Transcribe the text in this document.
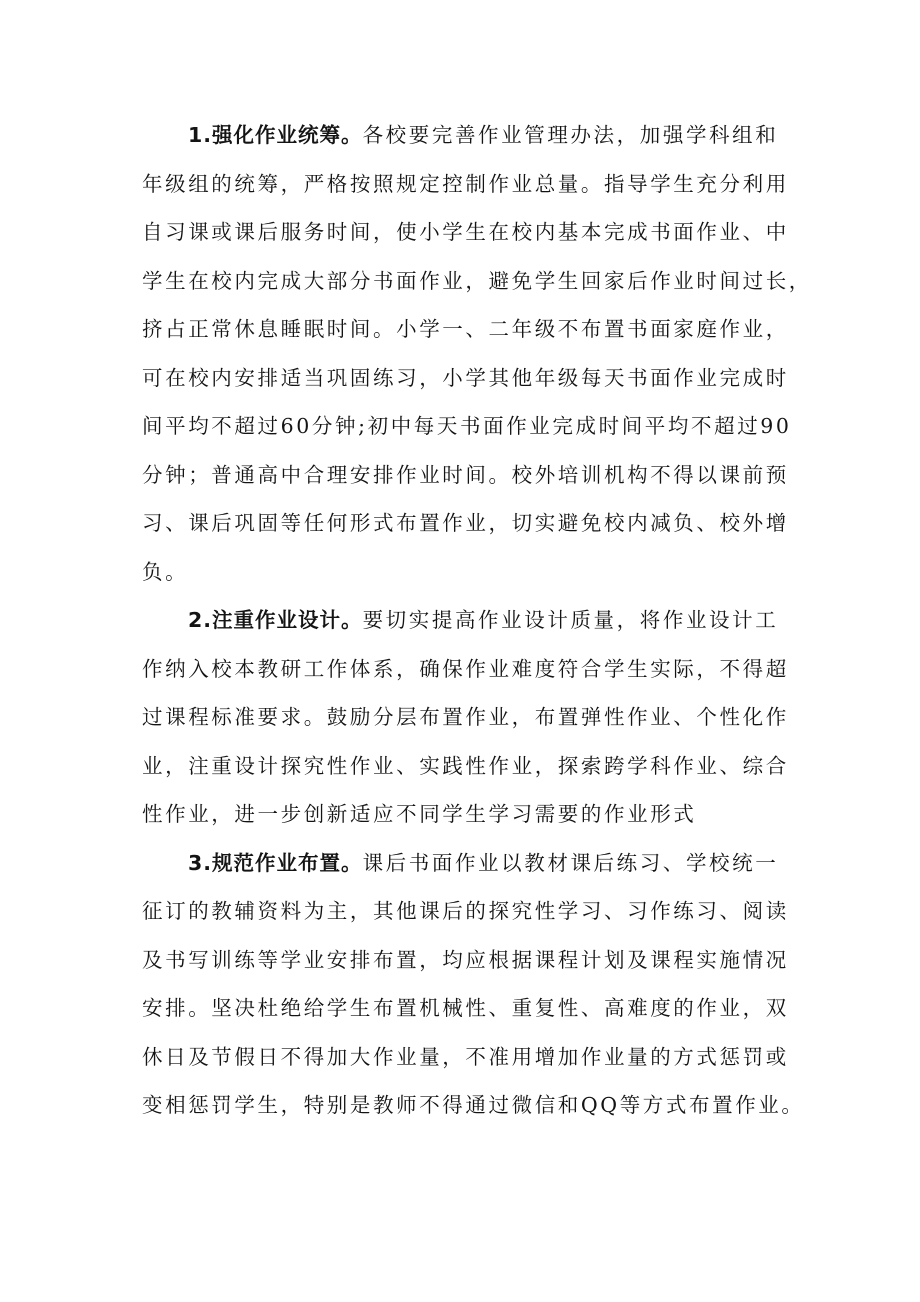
1.强化作业统筹。各校要完善作业管理办法，加强学科组和
年级组的统筹，严格按照规定控制作业总量。指导学生充分利用
自习课或课后服务时间，使小学生在校内基本完成书面作业、中
学生在校内完成大部分书面作业，避免学生回家后作业时间过长，
挤占正常休息睡眠时间。小学一、二年级不布置书面家庭作业，
可在校内安排适当巩固练习，小学其他年级每天书面作业完成时
间平均不超过60分钟;初中每天书面作业完成时间平均不超过90
分钟；普通高中合理安排作业时间。校外培训机构不得以课前预
习、课后巩固等任何形式布置作业，切实避免校内减负、校外增
负。
2.注重作业设计。要切实提高作业设计质量，将作业设计工
作纳入校本教研工作体系，确保作业难度符合学生实际，不得超
过课程标准要求。鼓励分层布置作业，布置弹性作业、个性化作
业，注重设计探究性作业、实践性作业，探索跨学科作业、综合
性作业，进一步创新适应不同学生学习需要的作业形式
3.规范作业布置。课后书面作业以教材课后练习、学校统一
征订的教辅资料为主，其他课后的探究性学习、习作练习、阅读
及书写训练等学业安排布置，均应根据课程计划及课程实施情况
安排。坚决杜绝给学生布置机械性、重复性、高难度的作业，双
休日及节假日不得加大作业量，不准用增加作业量的方式惩罚或
变相惩罚学生，特别是教师不得通过微信和QQ等方式布置作业。
